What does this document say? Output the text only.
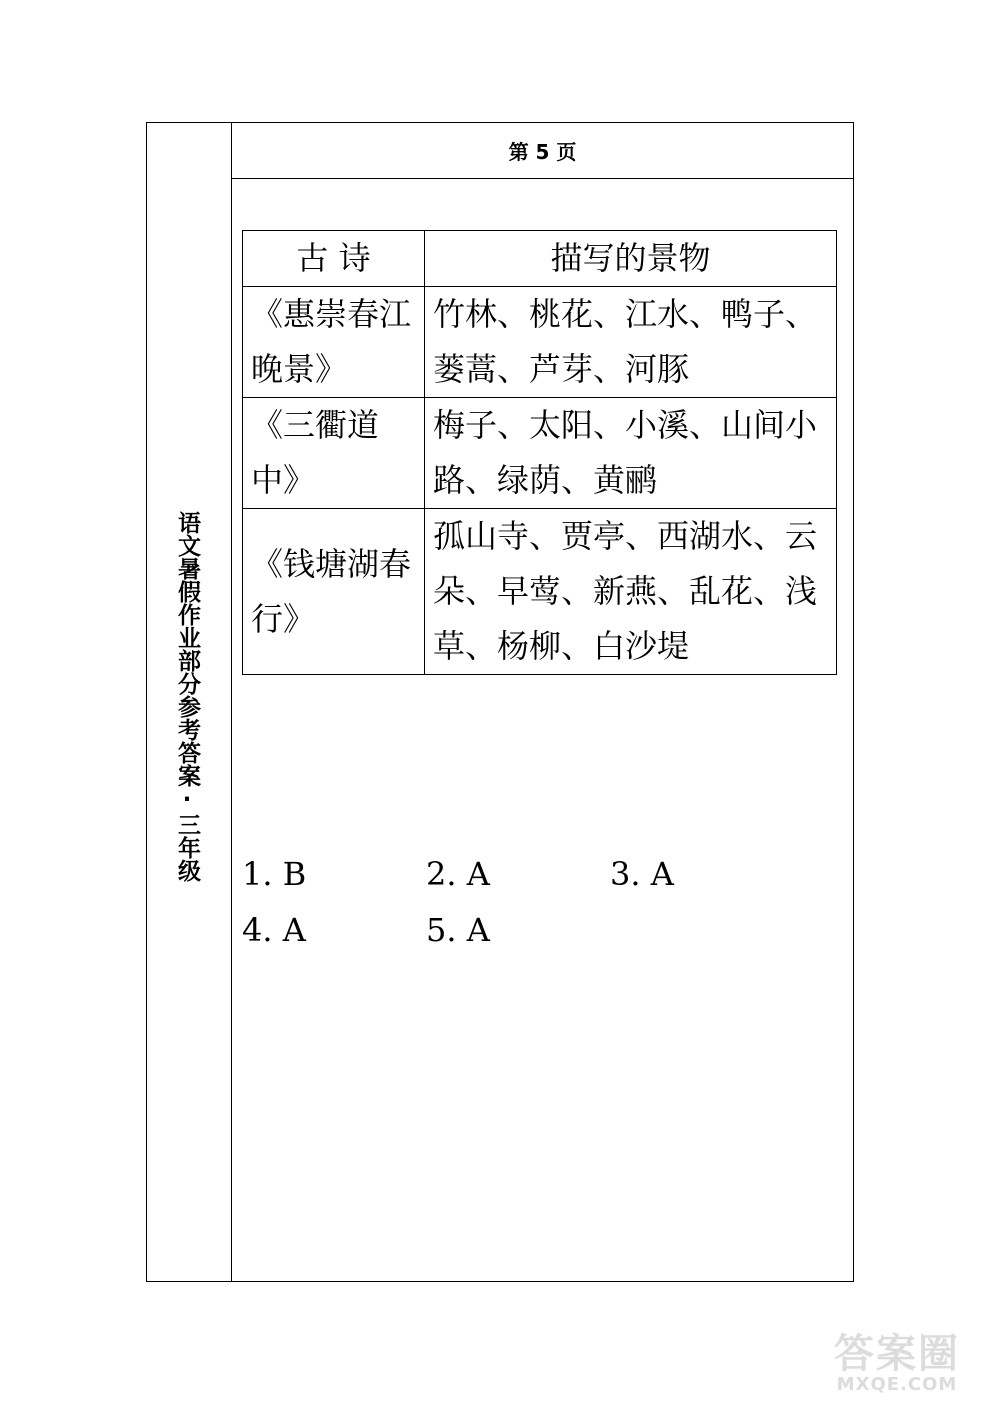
语文暑假作业部分参考答案·三年级
第 5 页
古 诗	描写的景物
《惠崇春江晚景》	竹林、桃花、江水、鸭子、蒌蒿、芦芽、河豚
《三衢道中》	梅子、太阳、小溪、山间小路、绿荫、黄鹂
《钱塘湖春行》	孤山寺、贾亭、西湖水、云朵、早莺、新燕、乱花、浅草、杨柳、白沙堤
1. B	2. A	3. A
4. A	5. A
答案圈
MXQE.COM
